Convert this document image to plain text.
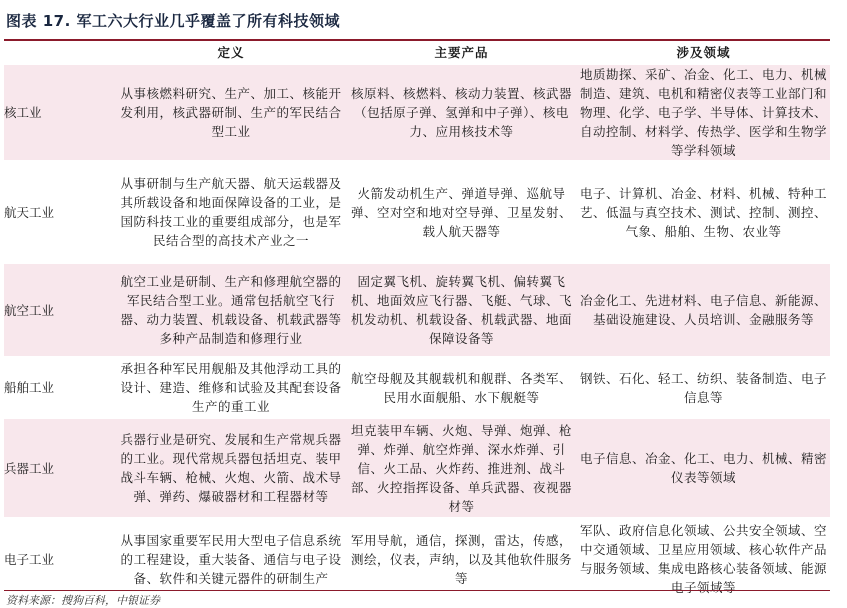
图表 17. 军工六大行业几乎覆盖了所有科技领域
	定义	主要产品	涉及领域
核工业	从事核燃料研究、生产、加工、核能开发利用，核武器研制、生产的军民结合型工业	核原料、核燃料、核动力装置、核武器（包括原子弹、氢弹和中子弹）、核电力、应用核技术等	地质勘探、采矿、冶金、化工、电力、机械制造、建筑、电机和精密仪表等工业部门和物理、化学、电子学、半导体、计算技术、自动控制、材料学、传热学、医学和生物学等学科领域
航天工业	从事研制与生产航天器、航天运载器及其所载设备和地面保障设备的工业，是国防科技工业的重要组成部分，也是军民结合型的高技术产业之一	火箭发动机生产、弹道导弹、巡航导弹、空对空和地对空导弹、卫星发射、载人航天器等	电子、计算机、冶金、材料、机械、特种工艺、低温与真空技术、测试、控制、测控、气象、船舶、生物、农业等
航空工业	航空工业是研制、生产和修理航空器的军民结合型工业。通常包括航空飞行器、动力装置、机载设备、机载武器等多种产品制造和修理行业	固定翼飞机、旋转翼飞机、偏转翼飞机、地面效应飞行器、飞艇、气球、飞机发动机、机载设备、机载武器、地面保障设备等	冶金化工、先进材料、电子信息、新能源、基础设施建设、人员培训、金融服务等
船舶工业	承担各种军民用舰船及其他浮动工具的设计、建造、维修和试验及其配套设备生产的重工业	航空母舰及其舰载机和舰群、各类军、民用水面舰船、水下舰艇等	钢铁、石化、轻工、纺织、装备制造、电子信息等
兵器工业	兵器行业是研究、发展和生产常规兵器的工业。现代常规兵器包括坦克、装甲战斗车辆、枪械、火炮、火箭、战术导弹、弹药、爆破器材和工程器材等	坦克装甲车辆、火炮、导弹、炮弹、枪弹、炸弹、航空炸弹、深水炸弹、引信、火工品、火炸药、推进剂、战斗部、火控指挥设备、单兵武器、夜视器材等	电子信息、冶金、化工、电力、机械、精密仪表等领域
电子工业	从事国家重要军民用大型电子信息系统的工程建设，重大装备、通信与电子设备、软件和关键元器件的研制生产	军用导航，通信，探测，雷达，传感，测绘，仪表，声纳，以及其他软件服务等	军队、政府信息化领域、公共安全领域、空中交通领域、卫星应用领域、核心软件产品与服务领域、集成电路核心装备领域、能源电子领域等
资料来源：搜狗百科，中银证券
